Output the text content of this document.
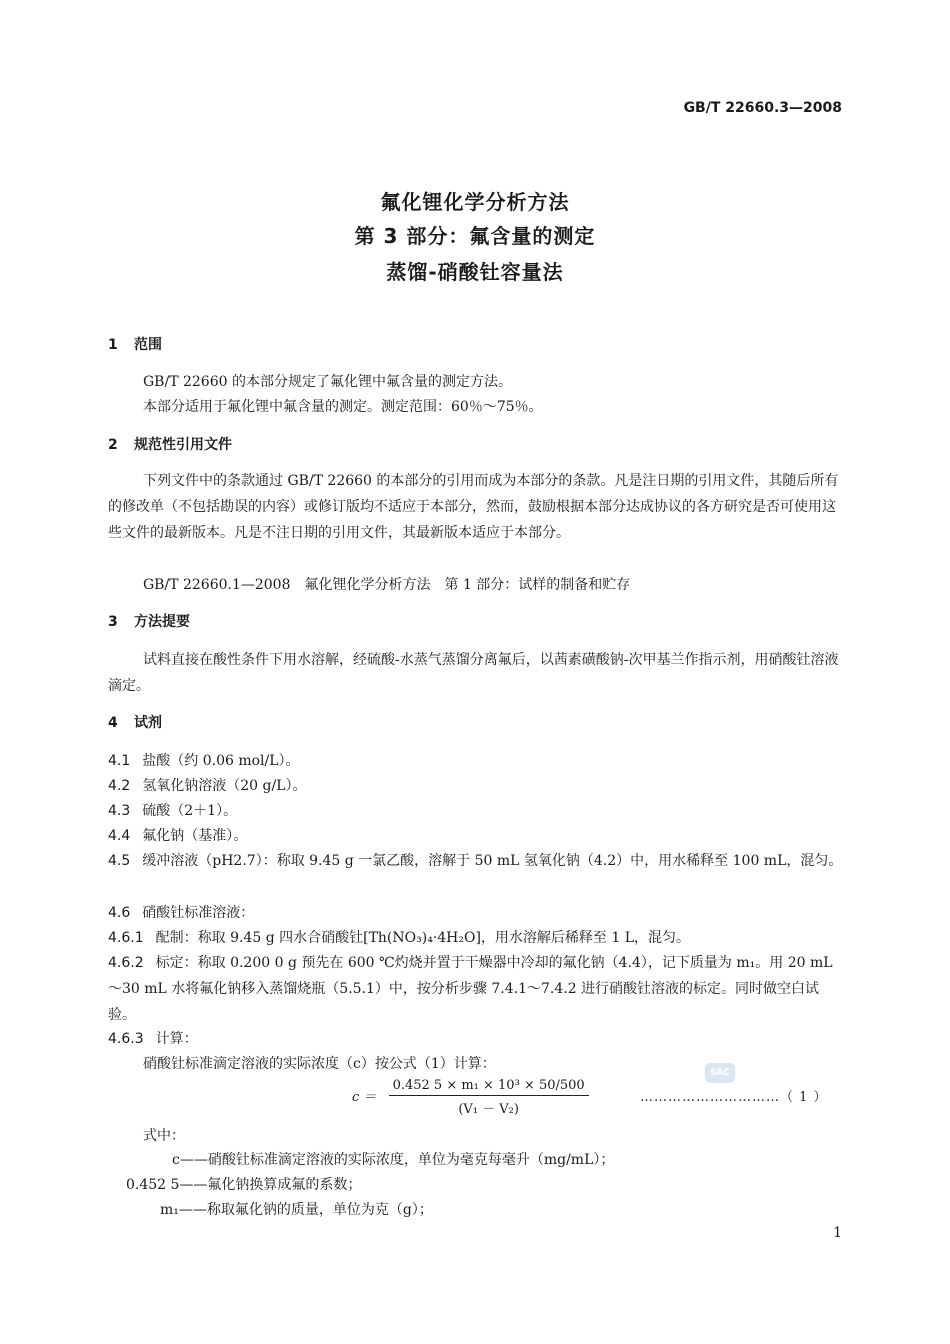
GB/T 22660.3—2008
氟化锂化学分析方法
第 3 部分：氟含量的测定
蒸馏-硝酸钍容量法
1 范围
GB/T 22660 的本部分规定了氟化锂中氟含量的测定方法。
本部分适用于氟化锂中氟含量的测定。测定范围：60％～75％。
2 规范性引用文件
下列文件中的条款通过 GB/T 22660 的本部分的引用而成为本部分的条款。凡是注日期的引用文件，其随后所有的修改单（不包括勘误的内容）或修订版均不适应于本部分，然而，鼓励根据本部分达成协议的各方研究是否可使用这些文件的最新版本。凡是不注日期的引用文件，其最新版本适应于本部分。
GB/T 22660.1—2008　氟化锂化学分析方法　第 1 部分：试样的制备和贮存
3 方法提要
试料直接在酸性条件下用水溶解，经硫酸-水蒸气蒸馏分离氟后，以茜素磺酸钠-次甲基兰作指示剂，用硝酸钍溶液滴定。
4 试剂
4.1 盐酸（约 0.06 mol/L）。
4.2 氢氧化钠溶液（20 g/L）。
4.3 硫酸（2＋1）。
4.4 氟化钠（基准）。
4.5 缓冲溶液（pH2.7）：称取 9.45 g 一氯乙酸，溶解于 50 mL 氢氧化钠（4.2）中，用水稀释至 100 mL，混匀。
4.6 硝酸钍标准溶液：
4.6.1 配制：称取 9.45 g 四水合硝酸钍[Th(NO₃)₄·4H₂O]，用水溶解后稀释至 1 L，混匀。
4.6.2 标定：称取 0.200 0 g 预先在 600 ℃灼烧并置于干燥器中冷却的氟化钠（4.4），记下质量为 m₁。用 20 mL～30 mL 水将氟化钠移入蒸馏烧瓶（5.5.1）中，按分析步骤 7.4.1～7.4.2 进行硝酸钍溶液的标定。同时做空白试验。
4.6.3 计算：
硝酸钍标准滴定溶液的实际浓度（c）按公式（1）计算：
SAC
$c = \frac{\text{0.452 5 × m₁ × 10³ × 50/500}}{\text{(V₁ － V₂)}}$	…………………………（ 1 ）
式中：
c——硝酸钍标准滴定溶液的实际浓度，单位为毫克每毫升（mg/mL）；
0.452 5——氟化钠换算成氟的系数；
m₁——称取氟化钠的质量，单位为克（g）；
1
